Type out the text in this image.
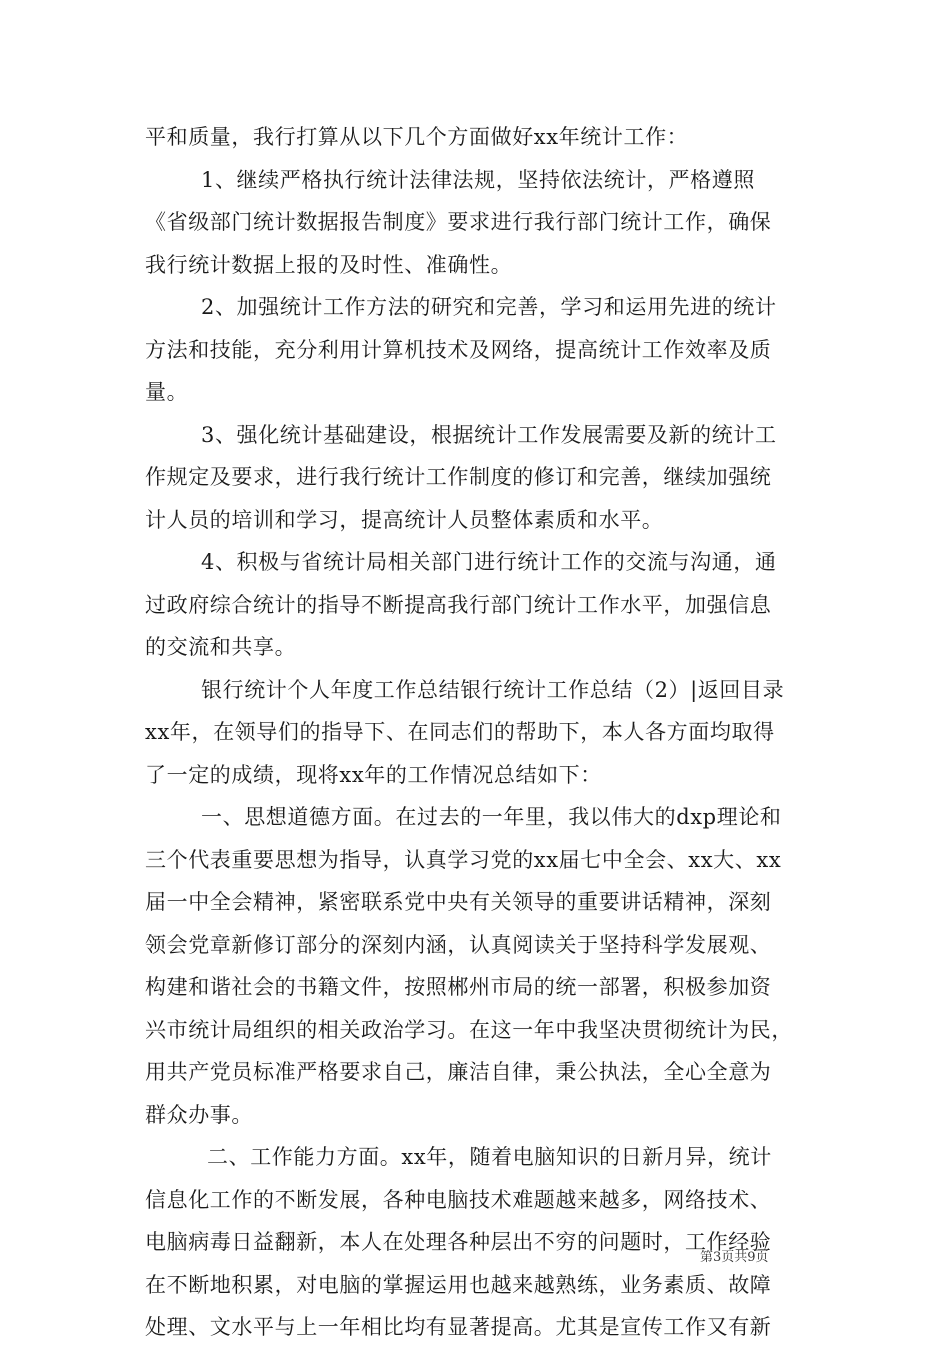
平和质量，我行打算从以下几个方面做好xx年统计工作：
1、继续严格执行统计法律法规，坚持依法统计，严格遵照
《省级部门统计数据报告制度》要求进行我行部门统计工作，确保
我行统计数据上报的及时性、准确性。
2、加强统计工作方法的研究和完善，学习和运用先进的统计
方法和技能，充分利用计算机技术及网络，提高统计工作效率及质
量。
3、强化统计基础建设，根据统计工作发展需要及新的统计工
作规定及要求，进行我行统计工作制度的修订和完善，继续加强统
计人员的培训和学习，提高统计人员整体素质和水平。
4、积极与省统计局相关部门进行统计工作的交流与沟通，通
过政府综合统计的指导不断提高我行部门统计工作水平，加强信息
的交流和共享。
银行统计个人年度工作总结银行统计工作总结（2）|返回目录
xx年，在领导们的指导下、在同志们的帮助下，本人各方面均取得
了一定的成绩，现将xx年的工作情况总结如下：
一、思想道德方面。在过去的一年里，我以伟大的dxp理论和
三个代表重要思想为指导，认真学习党的xx届七中全会、xx大、xx
届一中全会精神，紧密联系党中央有关领导的重要讲话精神，深刻
领会党章新修订部分的深刻内涵，认真阅读关于坚持科学发展观、
构建和谐社会的书籍文件，按照郴州市局的统一部署，积极参加资
兴市统计局组织的相关政治学习。在这一年中我坚决贯彻统计为民，
用共产党员标准严格要求自己，廉洁自律，秉公执法，全心全意为
群众办事。
二、工作能力方面。xx年，随着电脑知识的日新月异，统计
信息化工作的不断发展，各种电脑技术难题越来越多，网络技术、
电脑病毒日益翻新，本人在处理各种层出不穷的问题时，工作经验
在不断地积累，对电脑的掌握运用也越来越熟练，业务素质、故障
处理、文水平与上一年相比均有显著提高。尤其是宣传工作又有新
第3页共9页
